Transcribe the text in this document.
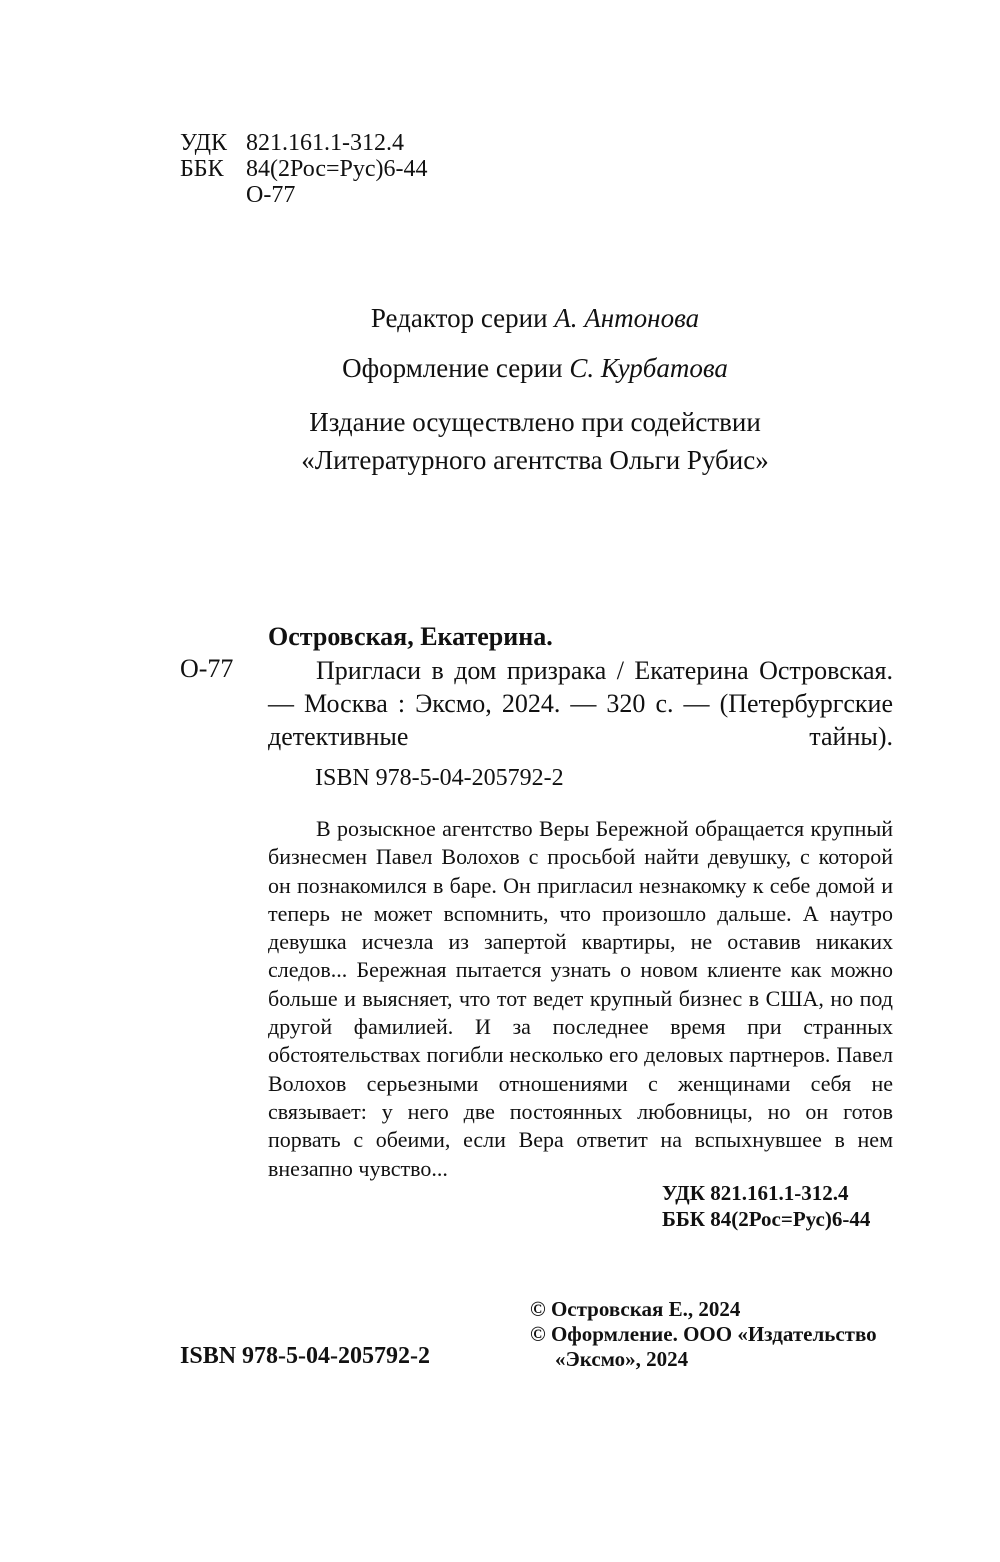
УДК 821.161.1-312.4
ББК 84(2Рос=Рус)6-44
О-77
Редактор серии А. Антонова
Оформление серии С. Курбатова
Издание осуществлено при содействии
«Литературного агентства Ольги Рубис»
Островская, Екатерина.
О-77	Пригласи в дом призрака / Екатерина Островская. — Москва : Эксмо, 2024. — 320 с. — (Петербургские детективные тайны).
ISBN 978-5-04-205792-2

В розыскное агентство Веры Бережной обращается крупный бизнесмен Павел Волохов с просьбой найти девушку, с которой он познакомился в баре. Он пригласил незнакомку к себе домой и теперь не может вспомнить, что произошло дальше. А наутро девушка исчезла из запертой квартиры, не оставив никаких следов... Бережная пытается узнать о новом клиенте как можно больше и выясняет, что тот ведет крупный бизнес в США, но под другой фамилией. И за последнее время при странных обстоятельствах погибли несколько его деловых партнеров. Павел Волохов серьезными отношениями с женщинами себя не связывает: у него две постоянных любовницы, но он готов порвать с обеими, если Вера ответит на вспыхнувшее в нем внезапно чувство...

УДК 821.161.1-312.4
ББК 84(2Рос=Рус)6-44
© Островская Е., 2024
© Оформление. ООО «Издательство
«Эксмо», 2024
ISBN 978-5-04-205792-2
